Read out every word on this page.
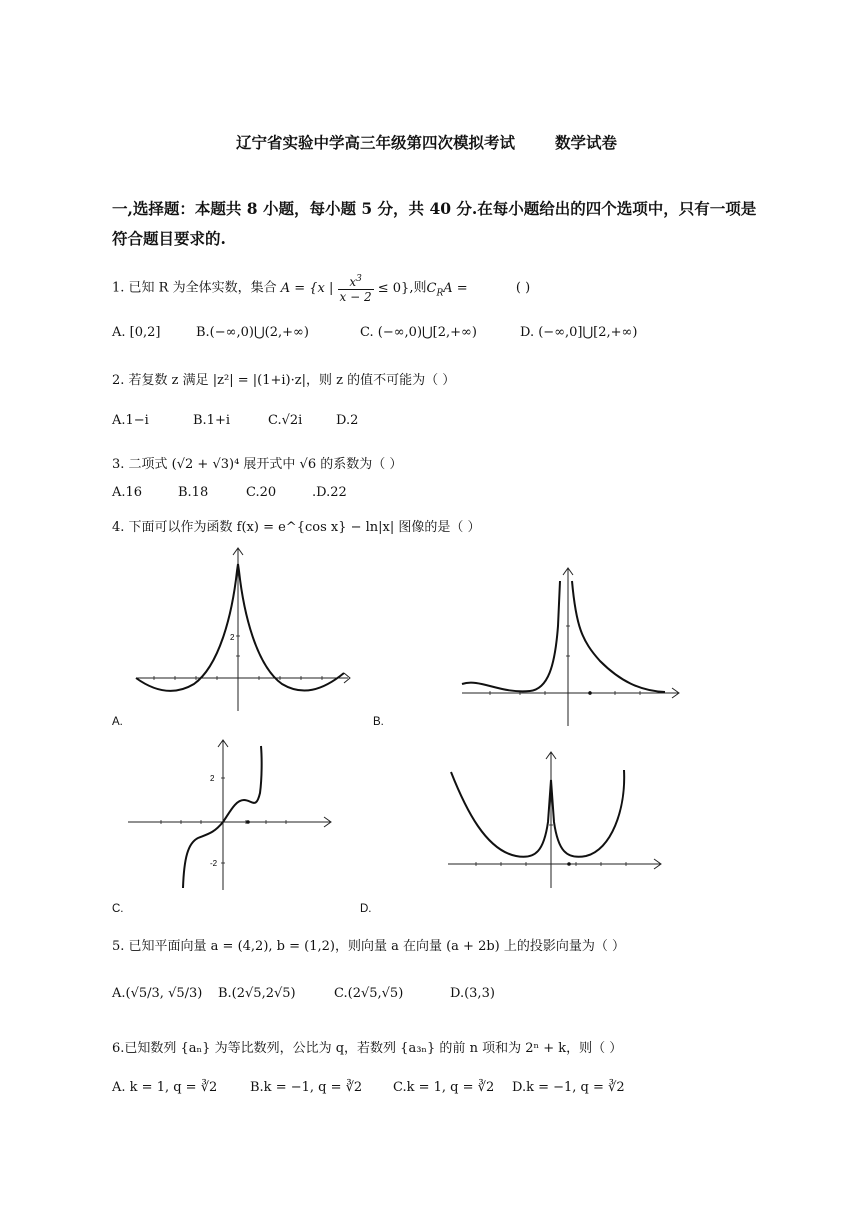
辽宁省实验中学高三年级第四次模拟考试	数学试卷
一,选择题：本题共 8 小题，每小题 5 分，共 40 分.在每小题给出的四个选项中，只有一项是符合题目要求的.
1. 已知 R 为全体实数，集合 A = {x | $\frac{x^3}{x - 2} \le 0$},则$C_RA$ =	( )
A. [0,2]	B.(−∞,0)⋃(2,+∞)	C. (−∞,0)⋃[2,+∞)	D. (−∞,0]⋃[2,+∞)
2. 若复数 z 满足 |z²| = |(1+i)·z|，则 z 的值不可能为（ ）
A.1−i	B.1+i	C.√2i	D.2
3. 二项式 (√2 + √3)⁴ 展开式中 √6 的系数为（ ）
A.16	B.18	C.20	.D.22
4. 下面可以作为函数 f(x) = e^{cos x} − ln|x| 图像的是（ ）
2
A.	B.
2
-2
C.	D.
5. 已知平面向量 a = (4,2), b = (1,2)，则向量 a 在向量 (a + 2b) 上的投影向量为（ ）
A.(√5/3, √5/3) B.(2√5,2√5)	C.(2√5,√5)	D.(3,3)
6.已知数列 {aₙ} 为等比数列，公比为 q，若数列 {a₃ₙ} 的前 n 项和为 2ⁿ + k，则（ ）
A. k = 1, q = ∛2	B.k = −1, q = ∛2 C.k = 1, q = ∛2 D.k = −1, q = ∛2
